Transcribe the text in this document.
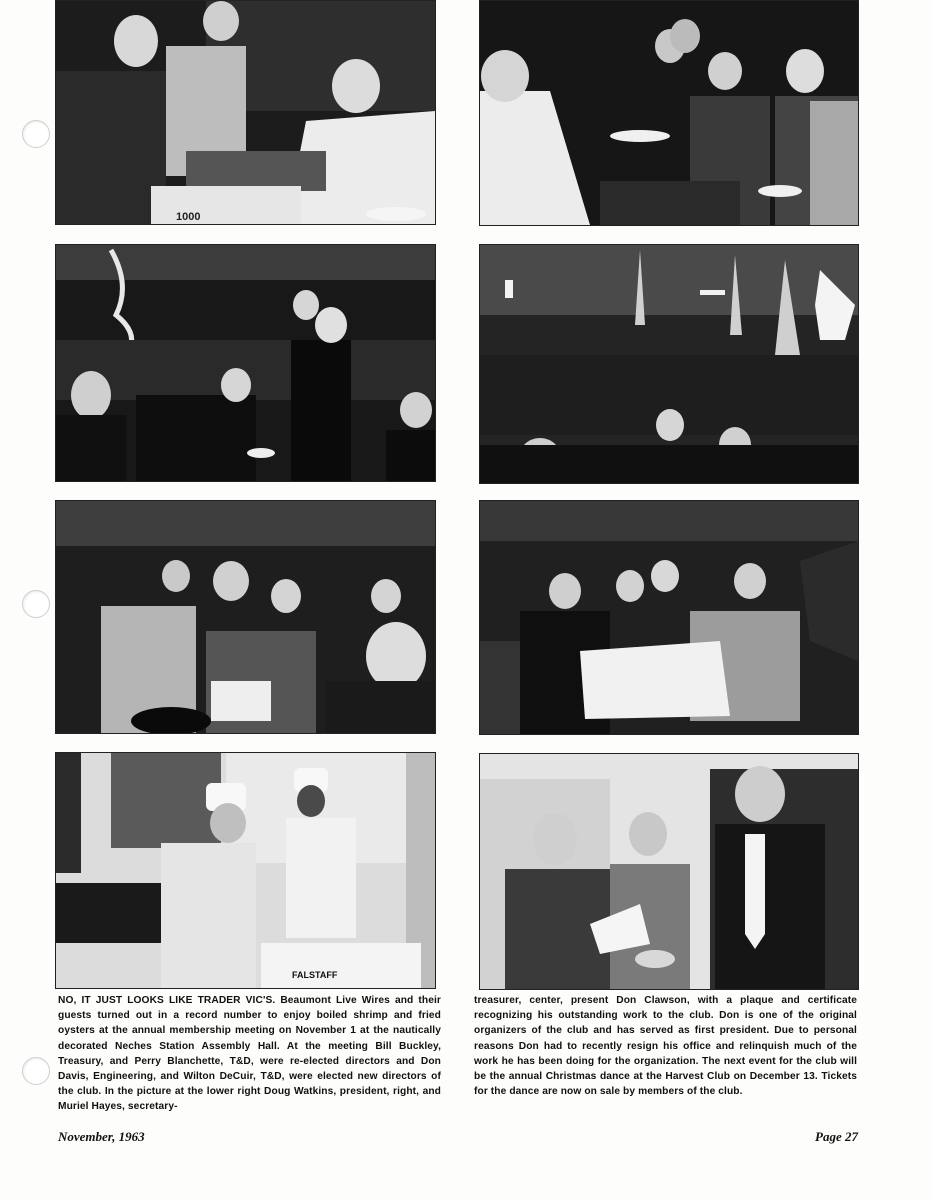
1000
FALSTAFF

NO, IT JUST LOOKS LIKE TRADER VIC'S. Beaumont Live Wires and their guests turned out in a record number to enjoy boiled shrimp and fried oysters at the annual membership meeting on November 1 at the nautically decorated Neches Station Assembly Hall. At the meeting Bill Buckley, Treasury, and Perry Blanchette, T&D, were re-elected directors and Don Davis, Engineering, and Wilton DeCuir, T&D, were elected new directors of the club. In the picture at the lower right Doug Watkins, president, right, and Muriel Hayes, secretary-

treasurer, center, present Don Clawson, with a plaque and certificate recognizing his outstanding work to the club. Don is one of the original organizers of the club and has served as first president. Due to personal reasons Don had to recently resign his office and relinquish much of the work he has been doing for the organization. The next event for the club will be the annual Christmas dance at the Harvest Club on December 13. Tickets for the dance are now on sale by members of the club.

November, 1963	Page 27
